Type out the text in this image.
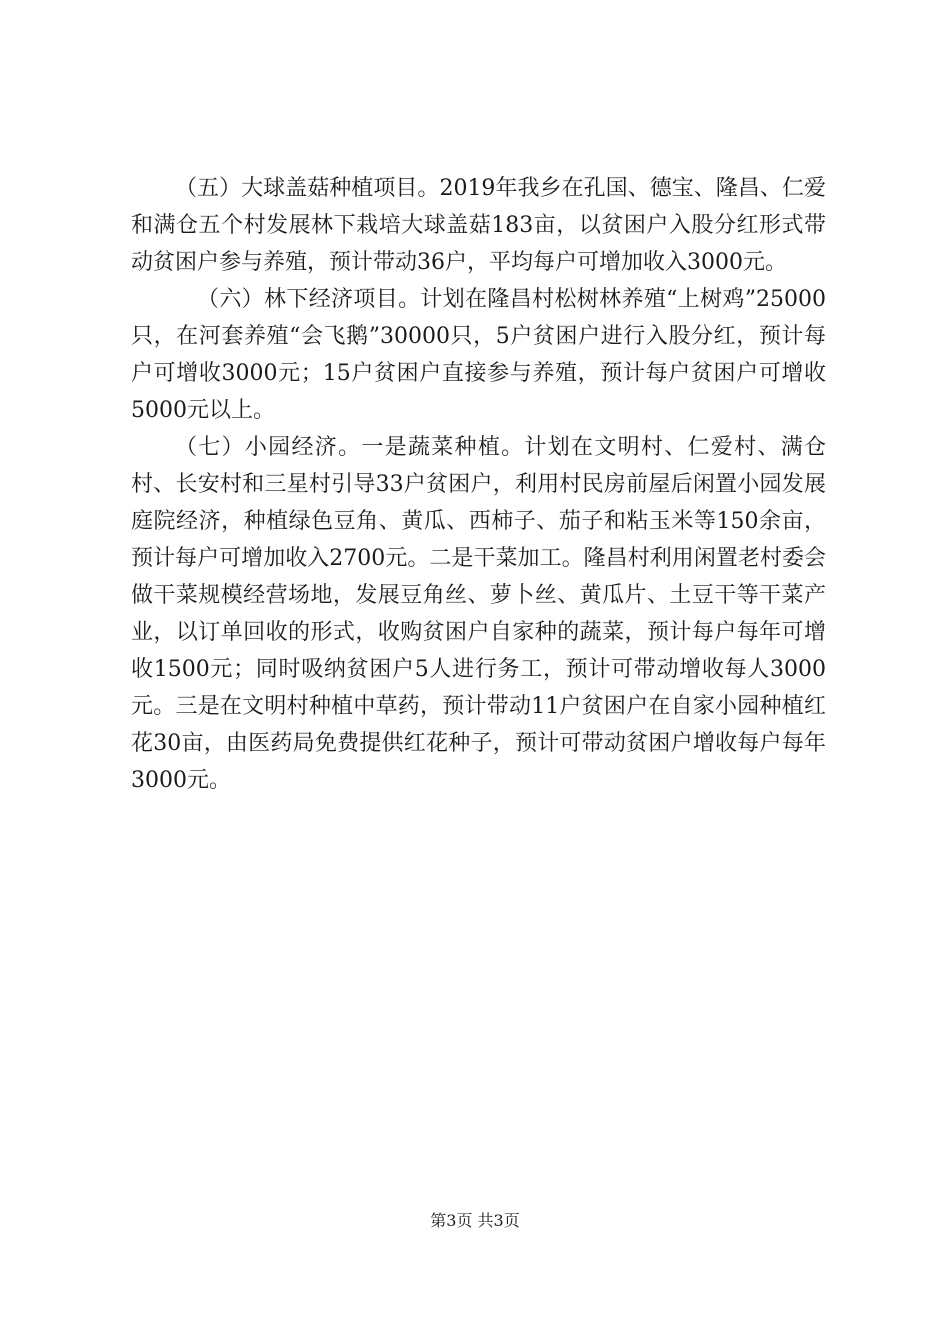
（五）大球盖菇种植项目。2019年我乡在孔国、德宝、隆昌、仁爱和满仓五个村发展林下栽培大球盖菇183亩，以贫困户入股分红形式带动贫困户参与养殖，预计带动36户，平均每户可增加收入3000元。

（六）林下经济项目。计划在隆昌村松树林养殖“上树鸡”25000只，在河套养殖“会飞鹅”30000只，5户贫困户进行入股分红，预计每户可增收3000元；15户贫困户直接参与养殖，预计每户贫困户可增收5000元以上。

（七）小园经济。一是蔬菜种植。计划在文明村、仁爱村、满仓村、长安村和三星村引导33户贫困户，利用村民房前屋后闲置小园发展庭院经济，种植绿色豆角、黄瓜、西柿子、茄子和粘玉米等150余亩，预计每户可增加收入2700元。二是干菜加工。隆昌村利用闲置老村委会做干菜规模经营场地，发展豆角丝、萝卜丝、黄瓜片、土豆干等干菜产业，以订单回收的形式，收购贫困户自家种的蔬菜，预计每户每年可增收1500元；同时吸纳贫困户5人进行务工，预计可带动增收每人3000元。三是在文明村种植中草药，预计带动11户贫困户在自家小园种植红花30亩，由医药局免费提供红花种子，预计可带动贫困户增收每户每年3000元。

第3页 共3页
